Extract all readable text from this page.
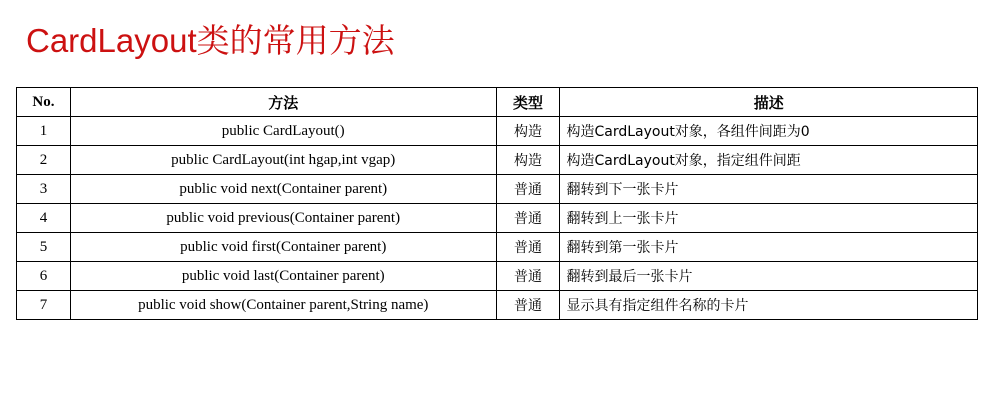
CardLayout类的常用方法
No.	方法	类型	描述
1	public CardLayout()	构造	构造CardLayout对象，各组件间距为0
2	public CardLayout(int hgap,int vgap)	构造	构造CardLayout对象，指定组件间距
3	public void next(Container parent)	普通	翻转到下一张卡片
4	public void previous(Container parent)	普通	翻转到上一张卡片
5	public void first(Container parent)	普通	翻转到第一张卡片
6	public void last(Container parent)	普通	翻转到最后一张卡片
7	public void show(Container parent,String name)	普通	显示具有指定组件名称的卡片
